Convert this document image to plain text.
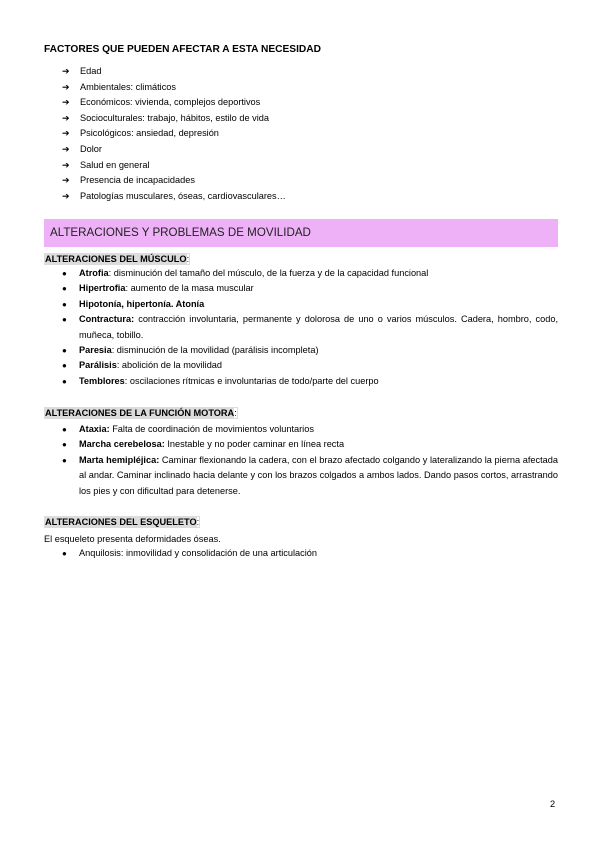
FACTORES QUE PUEDEN AFECTAR A ESTA NECESIDAD
➔	Edad
➔	Ambientales: climáticos
➔	Económicos: vivienda, complejos deportivos
➔	Socioculturales: trabajo, hábitos, estilo de vida
➔	Psicológicos: ansiedad, depresión
➔	Dolor
➔	Salud en general
➔	Presencia de incapacidades
➔	Patologías musculares, óseas, cardiovasculares…
ALTERACIONES Y PROBLEMAS DE MOVILIDAD
ALTERACIONES DEL MÚSCULO:
●	Atrofia: disminución del tamaño del músculo, de la fuerza y de la capacidad funcional
●	Hipertrofia: aumento de la masa muscular
●	Hipotonía, hipertonía. Atonía
●	Contractura: contracción involuntaria, permanente y dolorosa de uno o varios músculos. Cadera, hombro, codo, muñeca, tobillo.
●	Paresia: disminución de la movilidad (parálisis incompleta)
●	Parálisis: abolición de la movilidad
●	Temblores: oscilaciones rítmicas e involuntarias de todo/parte del cuerpo
ALTERACIONES DE LA FUNCIÓN MOTORA:
●	Ataxia: Falta de coordinación de movimientos voluntarios
●	Marcha cerebelosa: Inestable y no poder caminar en línea recta
●	Marta hemipléjica: Caminar flexionando la cadera, con el brazo afectado colgando y lateralizando la pierna afectada al andar. Caminar inclinado hacia delante y con los brazos colgados a ambos lados. Dando pasos cortos, arrastrando los pies y con dificultad para detenerse.
ALTERACIONES DEL ESQUELETO:
El esqueleto presenta deformidades óseas.
●	Anquilosis: inmovilidad y consolidación de una articulación
2
